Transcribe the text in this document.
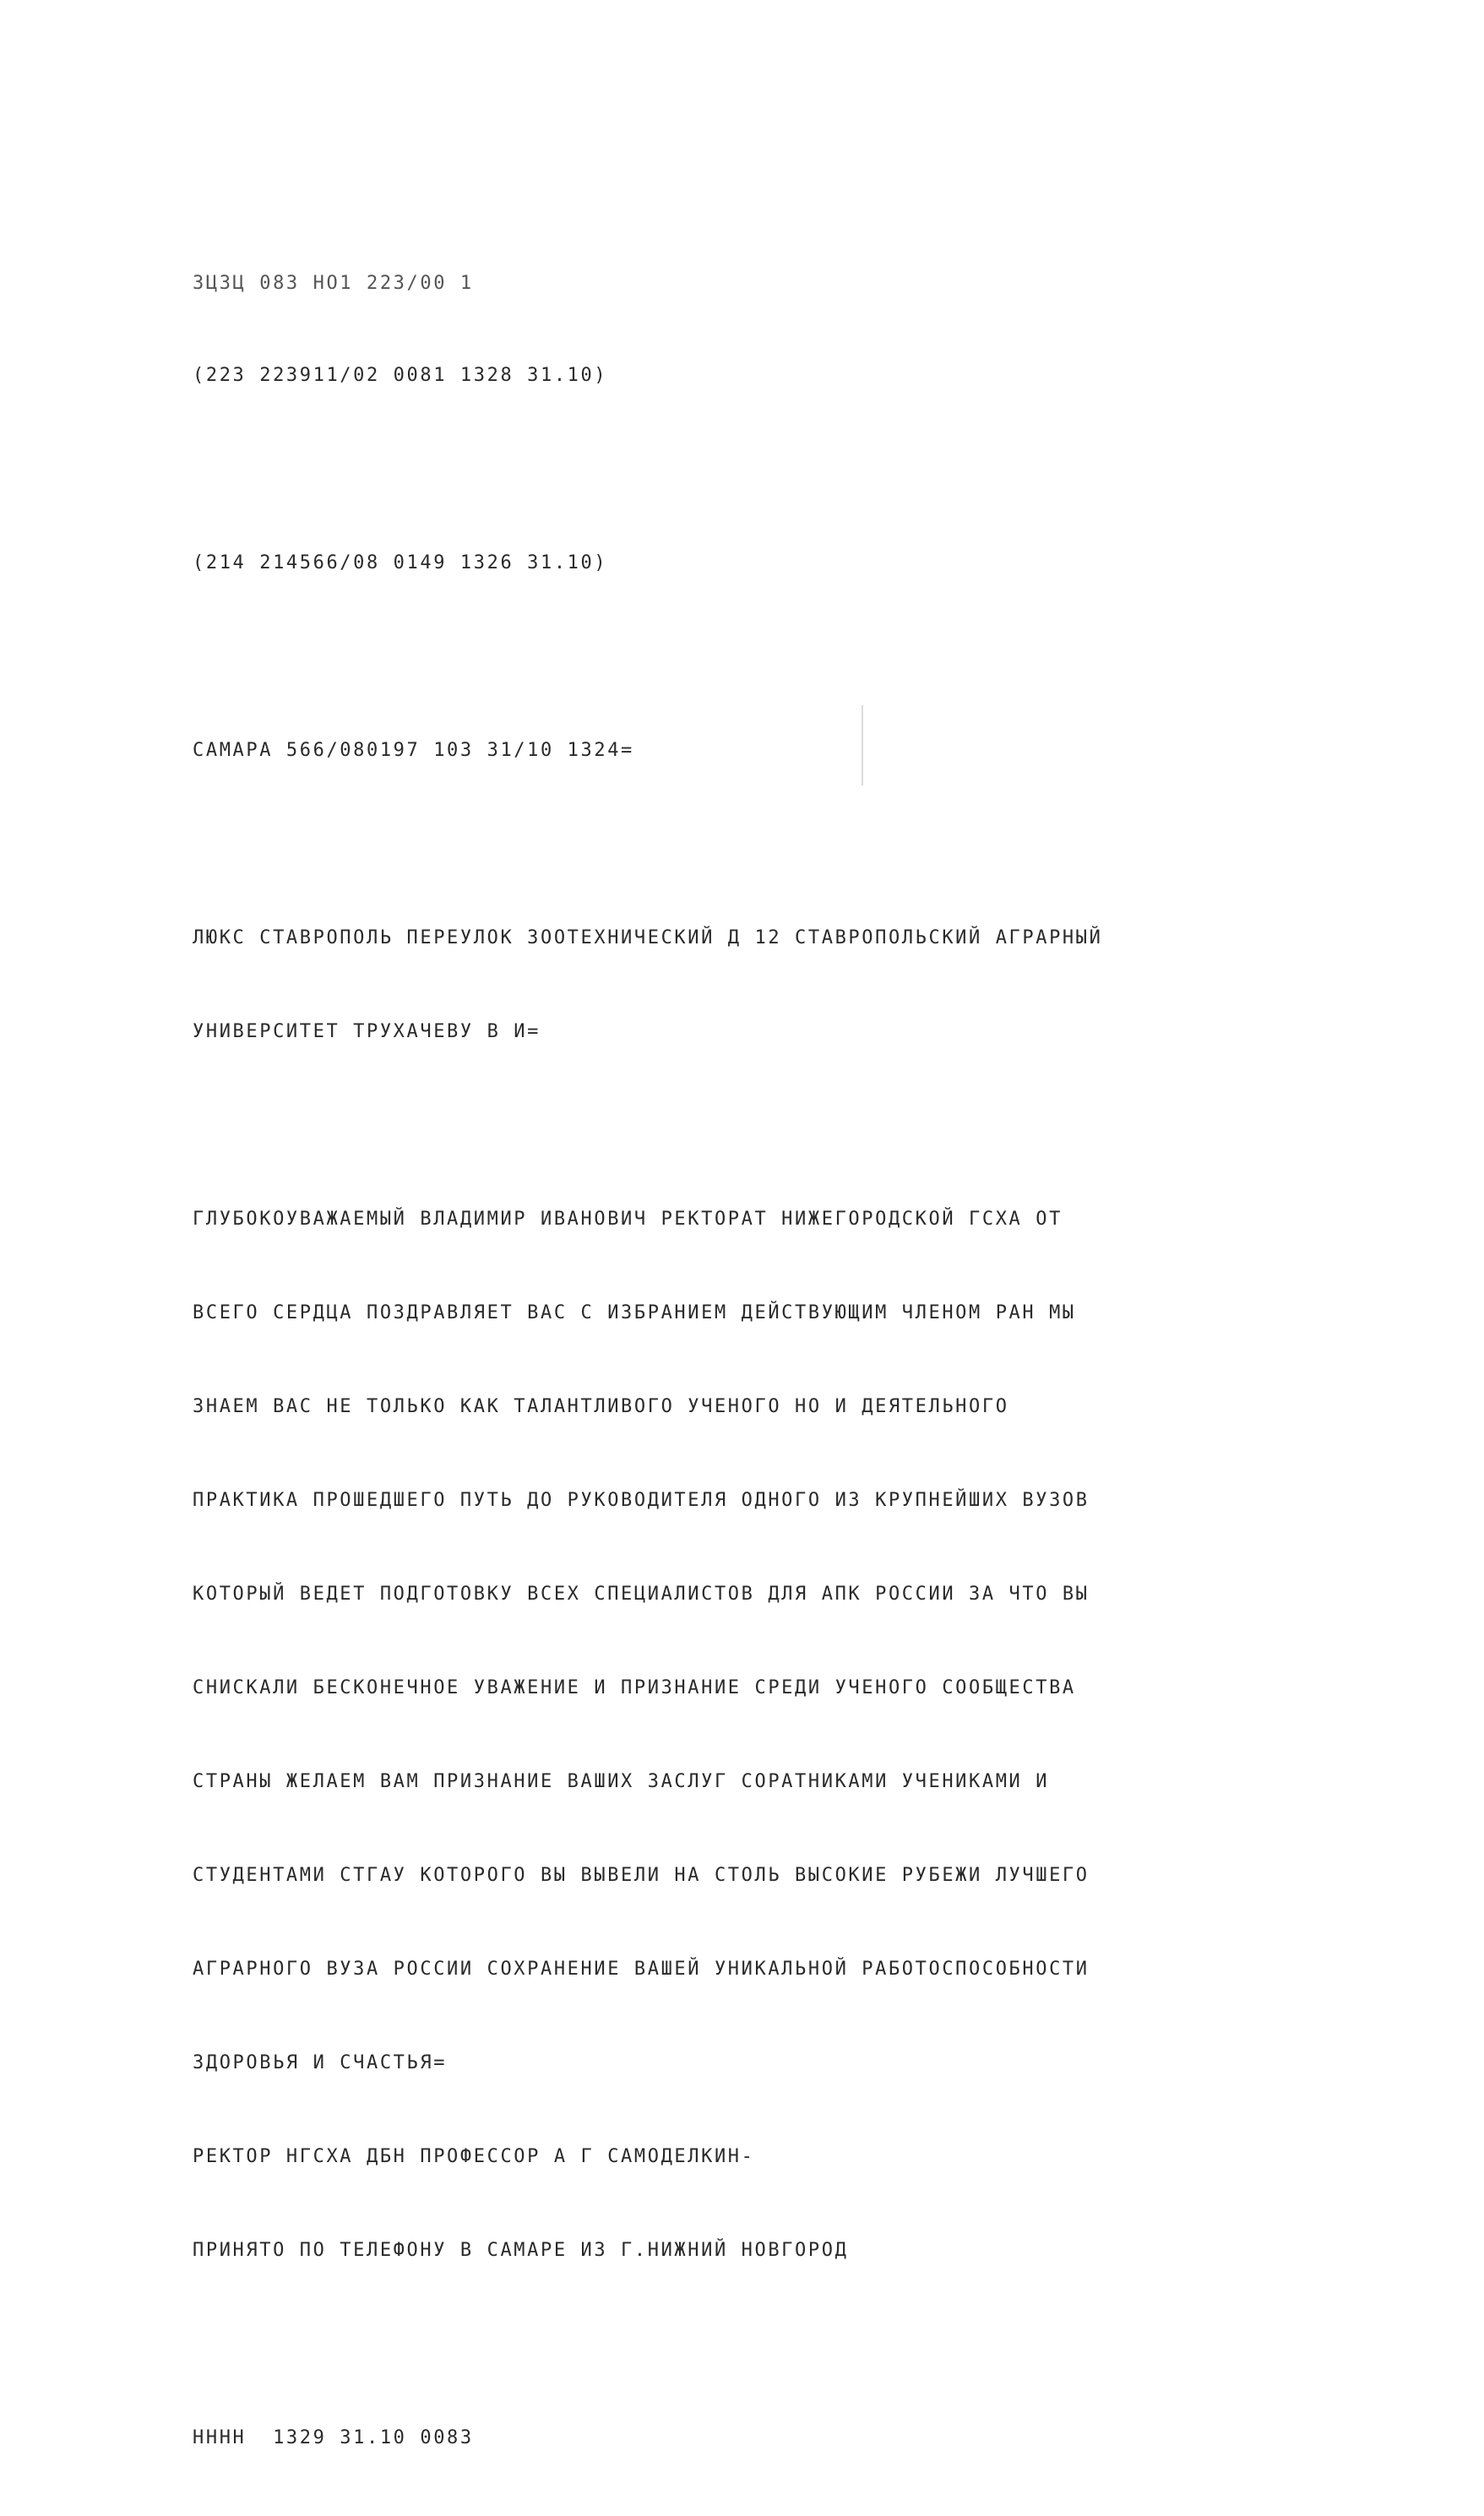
ЗЦЗЦ 083 НО1 223/00 1

(223 223911/02 0081 1328 31.10)

(214 214566/08 0149 1326 31.10)

САМАРА 566/080197 103 31/10 1324=

ЛЮКС СТАВРОПОЛЬ ПЕРЕУЛОК ЗООТЕХНИЧЕСКИЙ Д 12 СТАВРОПОЛЬСКИЙ АГРАРНЫЙ

УНИВЕРСИТЕТ ТРУХАЧЕВУ В И=

ГЛУБОКОУВАЖАЕМЫЙ ВЛАДИМИР ИВАНОВИЧ РЕКТОРАТ НИЖЕГОРОДСКОЙ ГСХА ОТ

ВСЕГО СЕРДЦА ПОЗДРАВЛЯЕТ ВАС С ИЗБРАНИЕМ ДЕЙСТВУЮЩИМ ЧЛЕНОМ РАН МЫ

ЗНАЕМ ВАС НЕ ТОЛЬКО КАК ТАЛАНТЛИВОГО УЧЕНОГО НО И ДЕЯТЕЛЬНОГО

ПРАКТИКА ПРОШЕДШЕГО ПУТЬ ДО РУКОВОДИТЕЛЯ ОДНОГО ИЗ КРУПНЕЙШИХ ВУЗОВ

КОТОРЫЙ ВЕДЕТ ПОДГОТОВКУ ВСЕХ СПЕЦИАЛИСТОВ ДЛЯ АПК РОССИИ ЗА ЧТО ВЫ

СНИСКАЛИ БЕСКОНЕЧНОЕ УВАЖЕНИЕ И ПРИЗНАНИЕ СРЕДИ УЧЕНОГО СООБЩЕСТВА

СТРАНЫ ЖЕЛАЕМ ВАМ ПРИЗНАНИЕ ВАШИХ ЗАСЛУГ СОРАТНИКАМИ УЧЕНИКАМИ И

СТУДЕНТАМИ СТГАУ КОТОРОГО ВЫ ВЫВЕЛИ НА СТОЛЬ ВЫСОКИЕ РУБЕЖИ ЛУЧШЕГО

АГРАРНОГО ВУЗА РОССИИ СОХРАНЕНИЕ ВАШЕЙ УНИКАЛЬНОЙ РАБОТОСПОСОБНОСТИ

ЗДОРОВЬЯ И СЧАСТЬЯ=

РЕКТОР НГСХА ДБН ПРОФЕССОР А Г САМОДЕЛКИН-

ПРИНЯТО ПО ТЕЛЕФОНУ В САМАРЕ ИЗ Г.НИЖНИЙ НОВГОРОД

НННН  1329 31.10 0083
